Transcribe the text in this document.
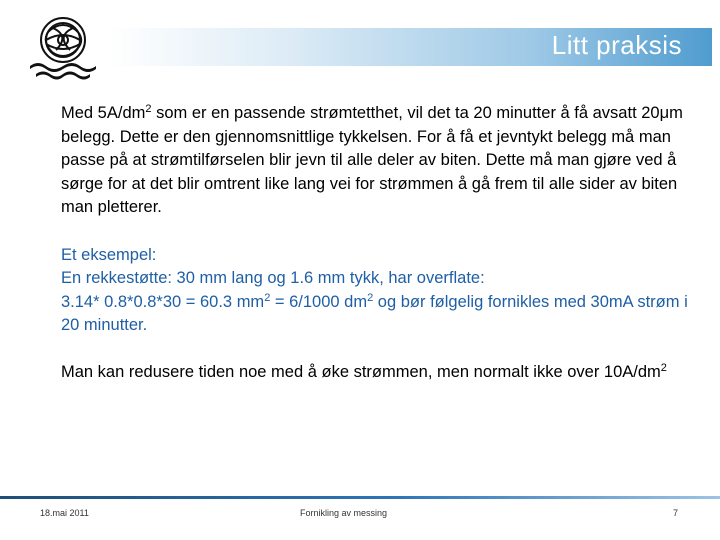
Litt praksis

Med $5A/dm^2$ som er en passende strømtetthet, vil det ta 20 minutter å få avsatt 20μm belegg. Dette er den gjennomsnittlige tykkelsen. For å få et jevntykt belegg må man passe på at strømtilførselen blir jevn til alle deler av biten. Dette må man gjøre ved å sørge for at det blir omtrent like lang vei for strømmen å gå frem til alle sider av biten man pletterer.

Et eksempel:
En rekkestøtte: 30 mm lang og 1.6 mm tykk, har overflate:
3.14* 0.8*0.8*30 = 60.3 $mm^2 = 6/1000$ $dm^2$ og bør følgelig fornikles med 30mA strøm i 20 minutter.

Man kan redusere tiden noe med å øke strømmen, men normalt ikke over $10A/dm^2$

18.mai 2011	Fornikling av messing	7
